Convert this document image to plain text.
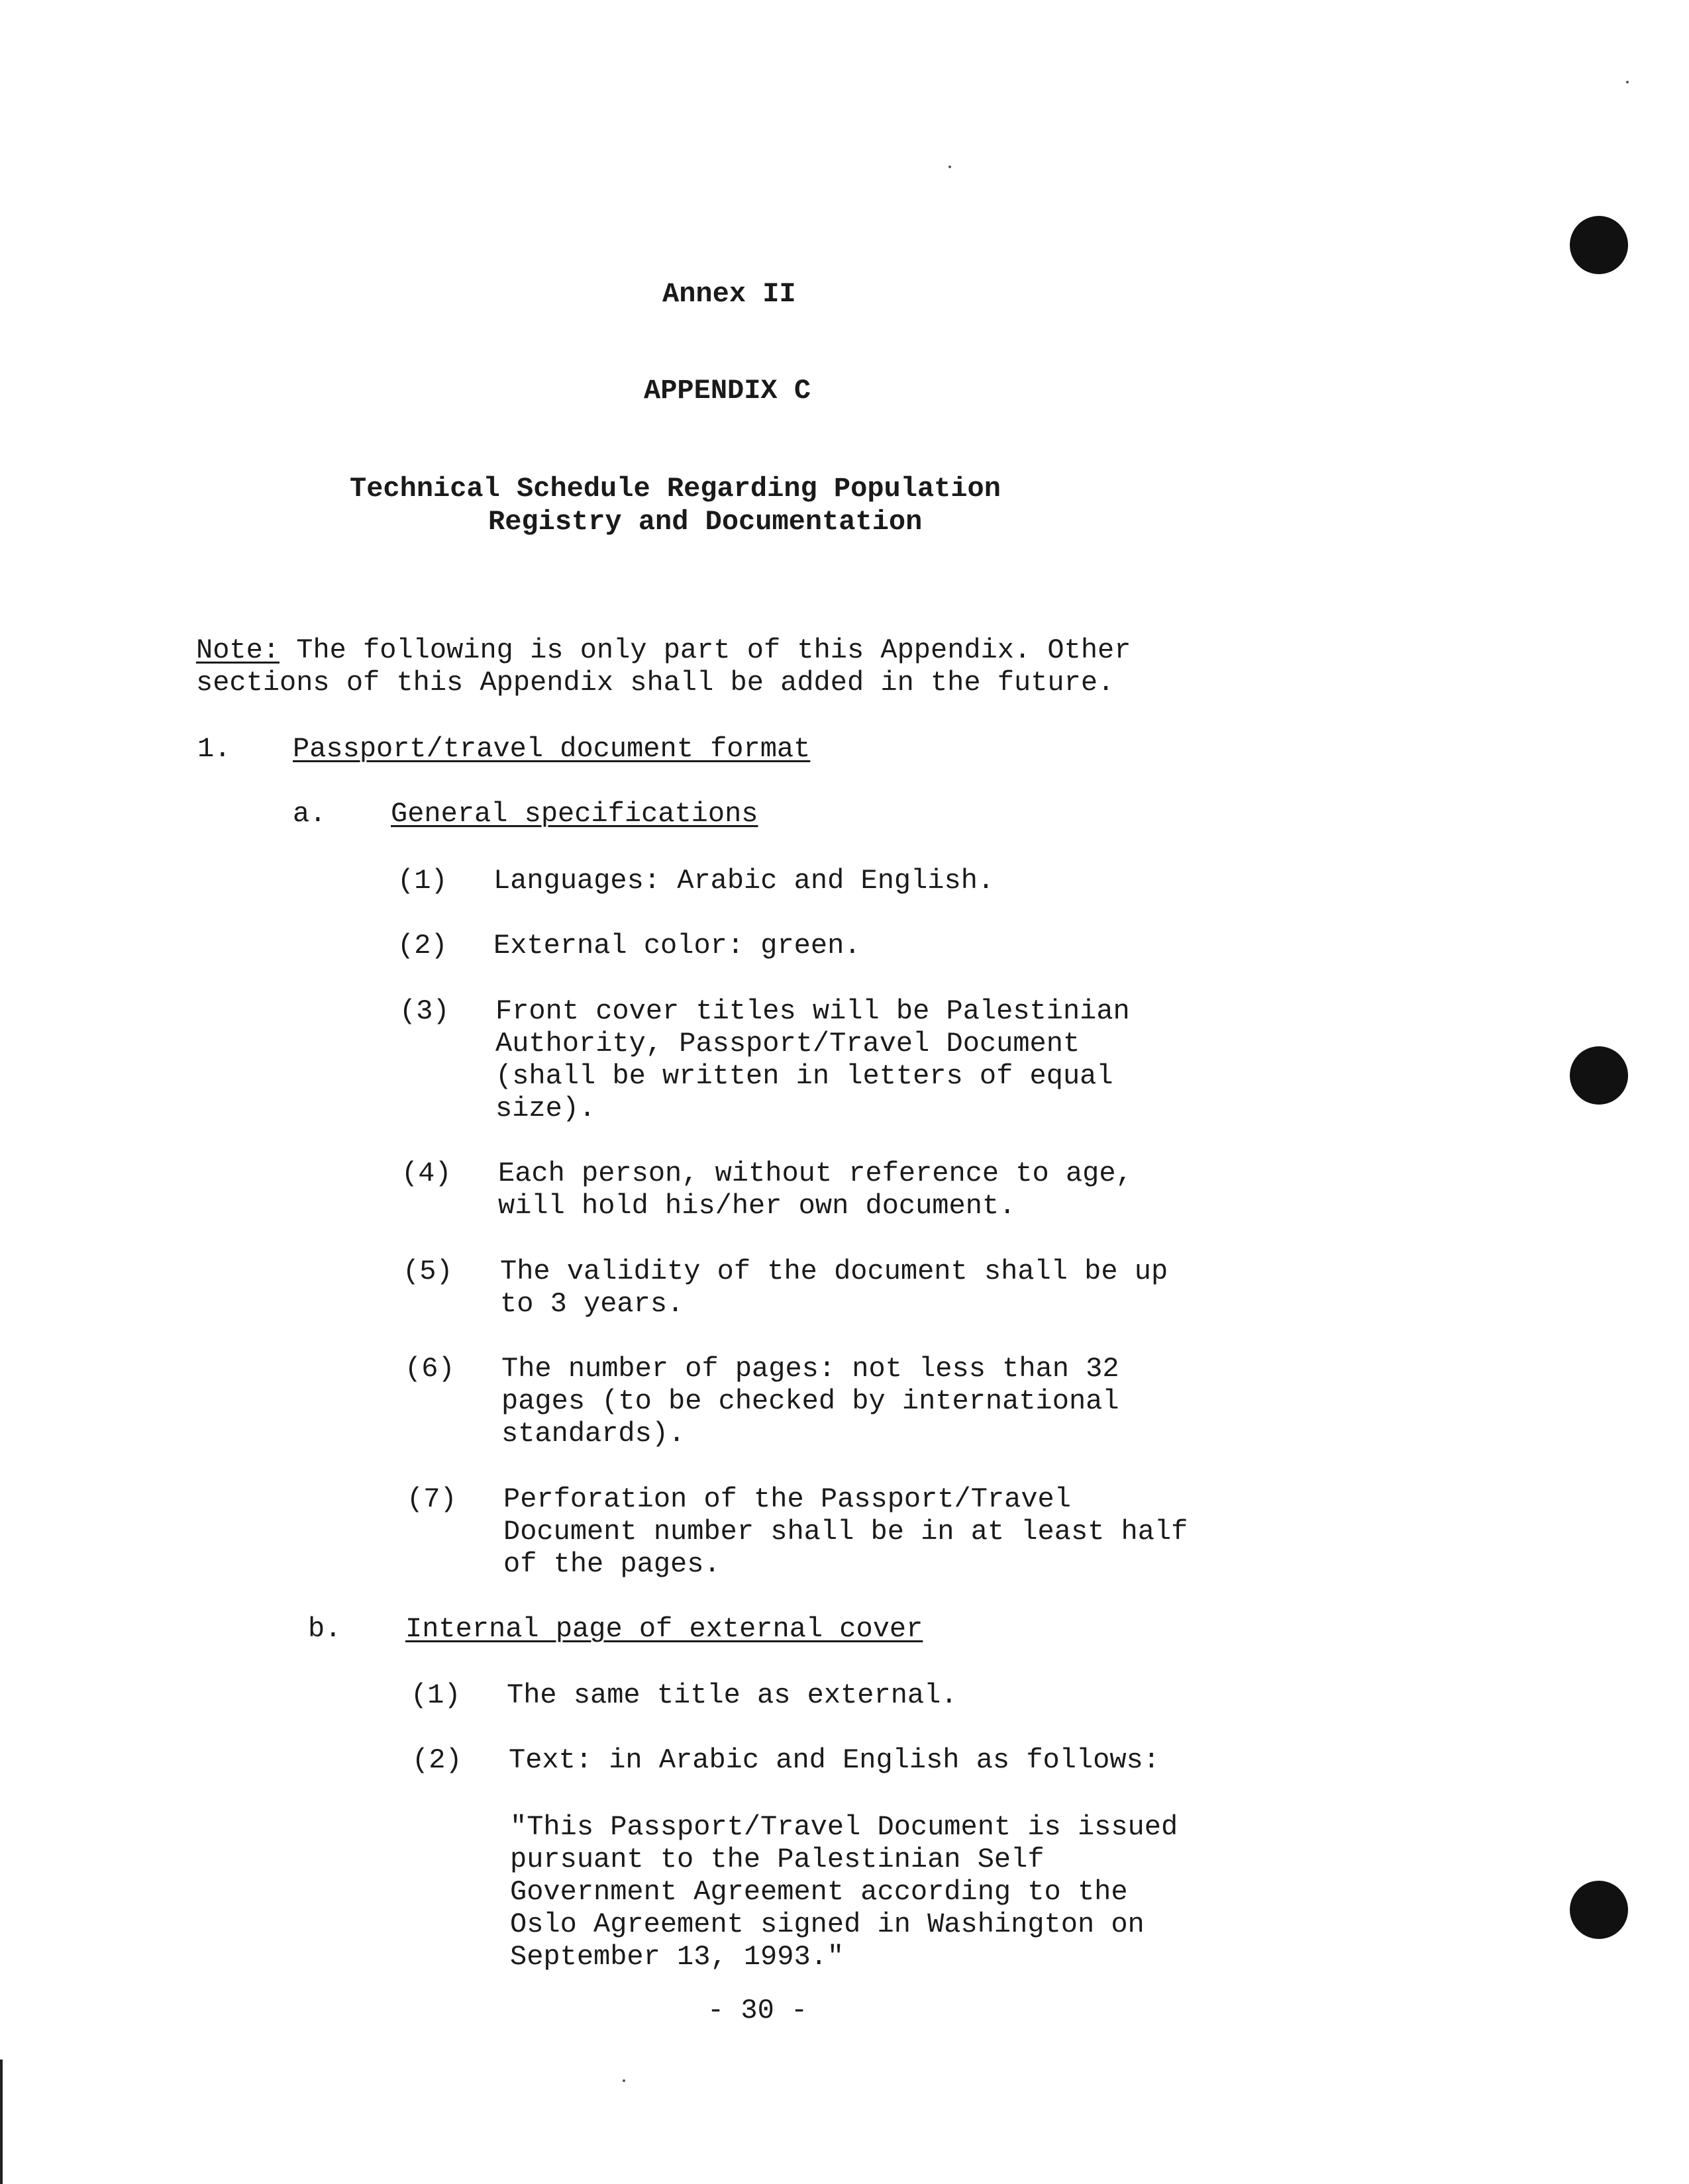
Annex II
APPENDIX C
Technical Schedule Regarding Population
Registry and Documentation
Note: The following is only part of this Appendix. Other
sections of this Appendix shall be added in the future.
1. Passport/travel document format
a. General specifications
(1) Languages: Arabic and English.
(2) External color: green.
(3) Front cover titles will be Palestinian
Authority, Passport/Travel Document
(shall be written in letters of equal
size).
(4) Each person, without reference to age,
will hold his/her own document.
(5) The validity of the document shall be up
to 3 years.
(6) The number of pages: not less than 32
pages (to be checked by international
standards).
(7) Perforation of the Passport/Travel
Document number shall be in at least half
of the pages.
b. Internal page of external cover
(1) The same title as external.
(2) Text: in Arabic and English as follows:
"This Passport/Travel Document is issued
pursuant to the Palestinian Self
Government Agreement according to the
Oslo Agreement signed in Washington on
September 13, 1993."
- 30 -
